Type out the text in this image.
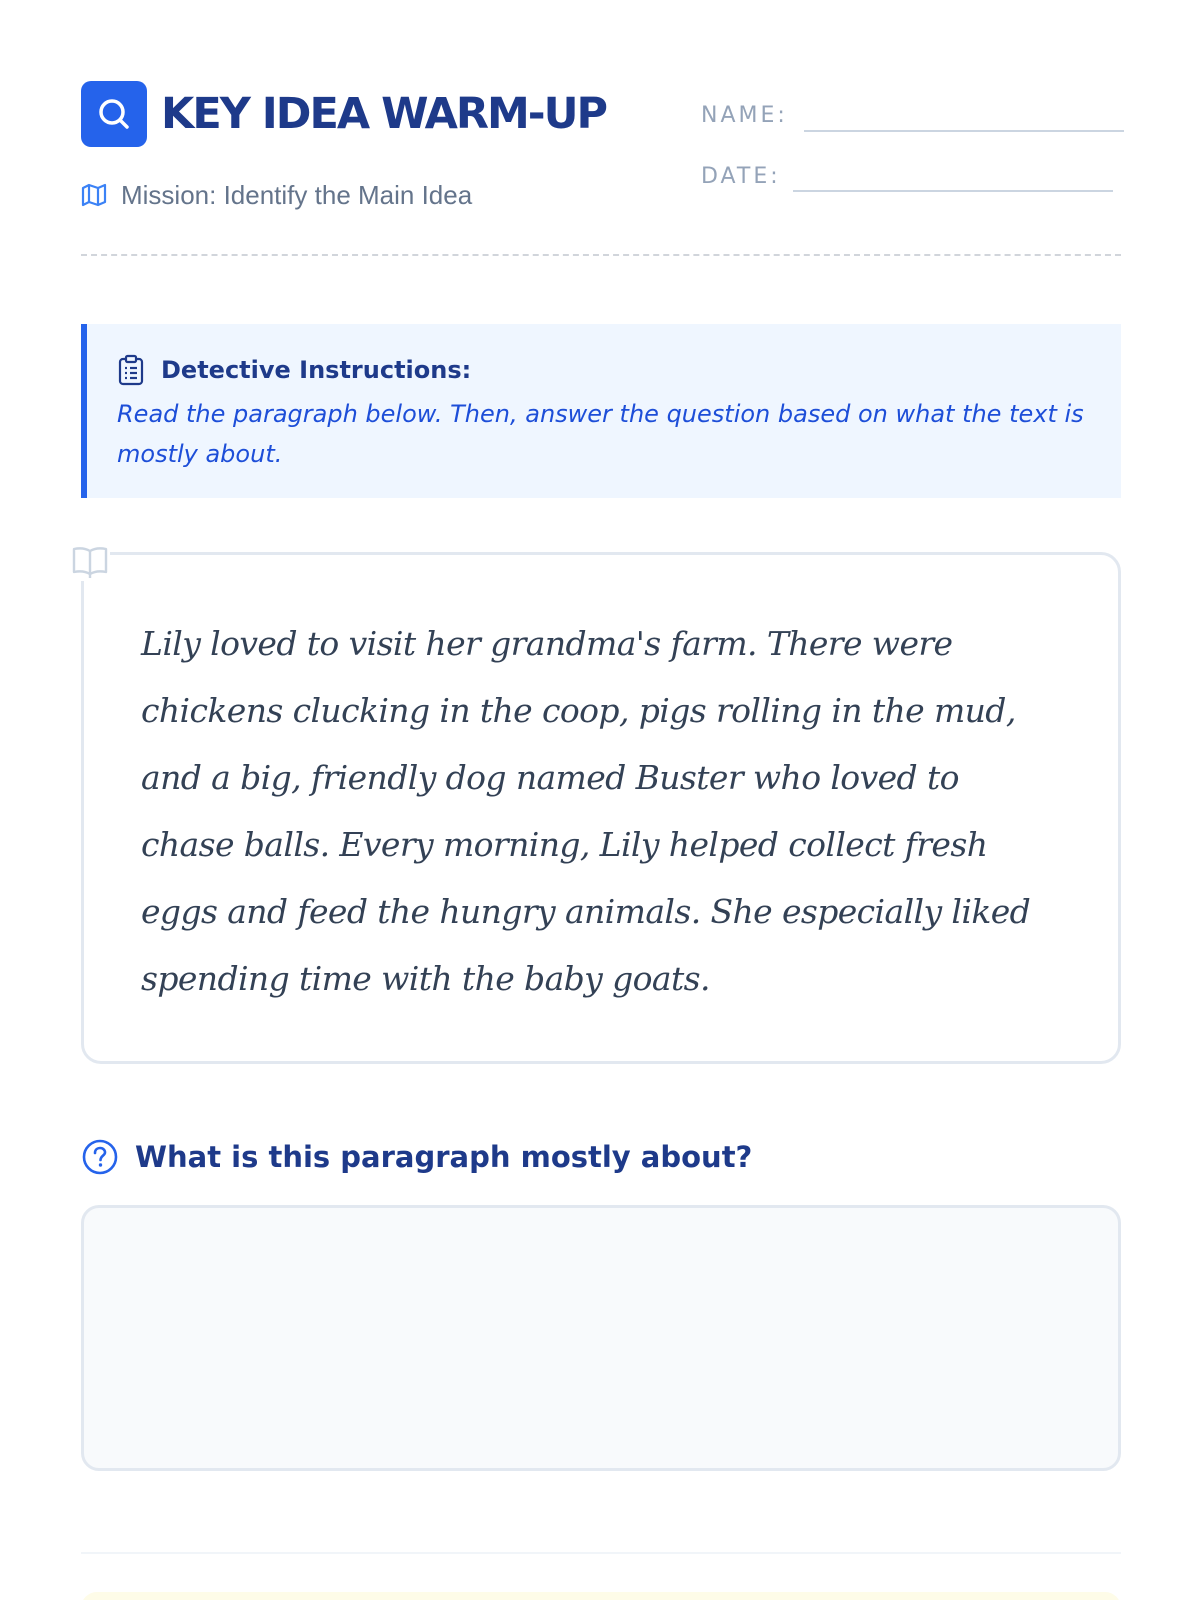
KEY IDEA WARM-UP
Mission: Identify the Main Idea
NAME:
DATE:
Detective Instructions:
Read the paragraph below. Then, answer the question based on what the text is mostly about.
Lily loved to visit her grandma's farm. There were chickens clucking in the coop, pigs rolling in the mud, and a big, friendly dog named Buster who loved to chase balls. Every morning, Lily helped collect fresh eggs and feed the hungry animals. She especially liked spending time with the baby goats.
What is this paragraph mostly about?
